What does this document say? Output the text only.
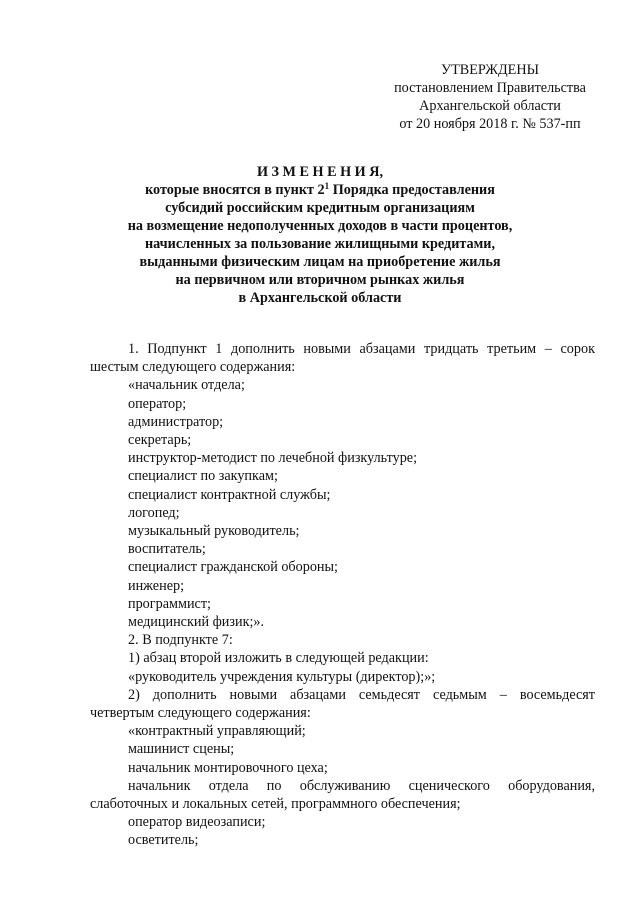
УТВЕРЖДЕНЫ
постановлением Правительства
Архангельской области
от 20 ноября 2018 г. № 537-пп
И З М Е Н Е Н И Я,
которые вносятся в пункт $2^1$ Порядка предоставления
субсидий российским кредитным организациям
на возмещение недополученных доходов в части процентов,
начисленных за пользование жилищными кредитами,
выданными физическим лицам на приобретение жилья
на первичном или вторичном рынках жилья
в Архангельской области

1. Подпункт 1 дополнить новыми абзацами тридцать третьим – сорок

шестым следующего содержания:

«начальник отдела;

оператор;

администратор;

секретарь;

инструктор-методист по лечебной физкультуре;

специалист по закупкам;

специалист контрактной службы;

логопед;

музыкальный руководитель;

воспитатель;

специалист гражданской обороны;

инженер;

программист;

медицинский физик;».

2. В подпункте 7:

1) абзац второй изложить в следующей редакции:

«руководитель учреждения культуры (директор);»;

2) дополнить новыми абзацами семьдесят седьмым – восемьдесят

четвертым следующего содержания:

«контрактный управляющий;

машинист сцены;

начальник монтировочного цеха;

начальник отдела по обслуживанию сценического оборудования,

слаботочных и локальных сетей, программного обеспечения;

оператор видеозаписи;

осветитель;
